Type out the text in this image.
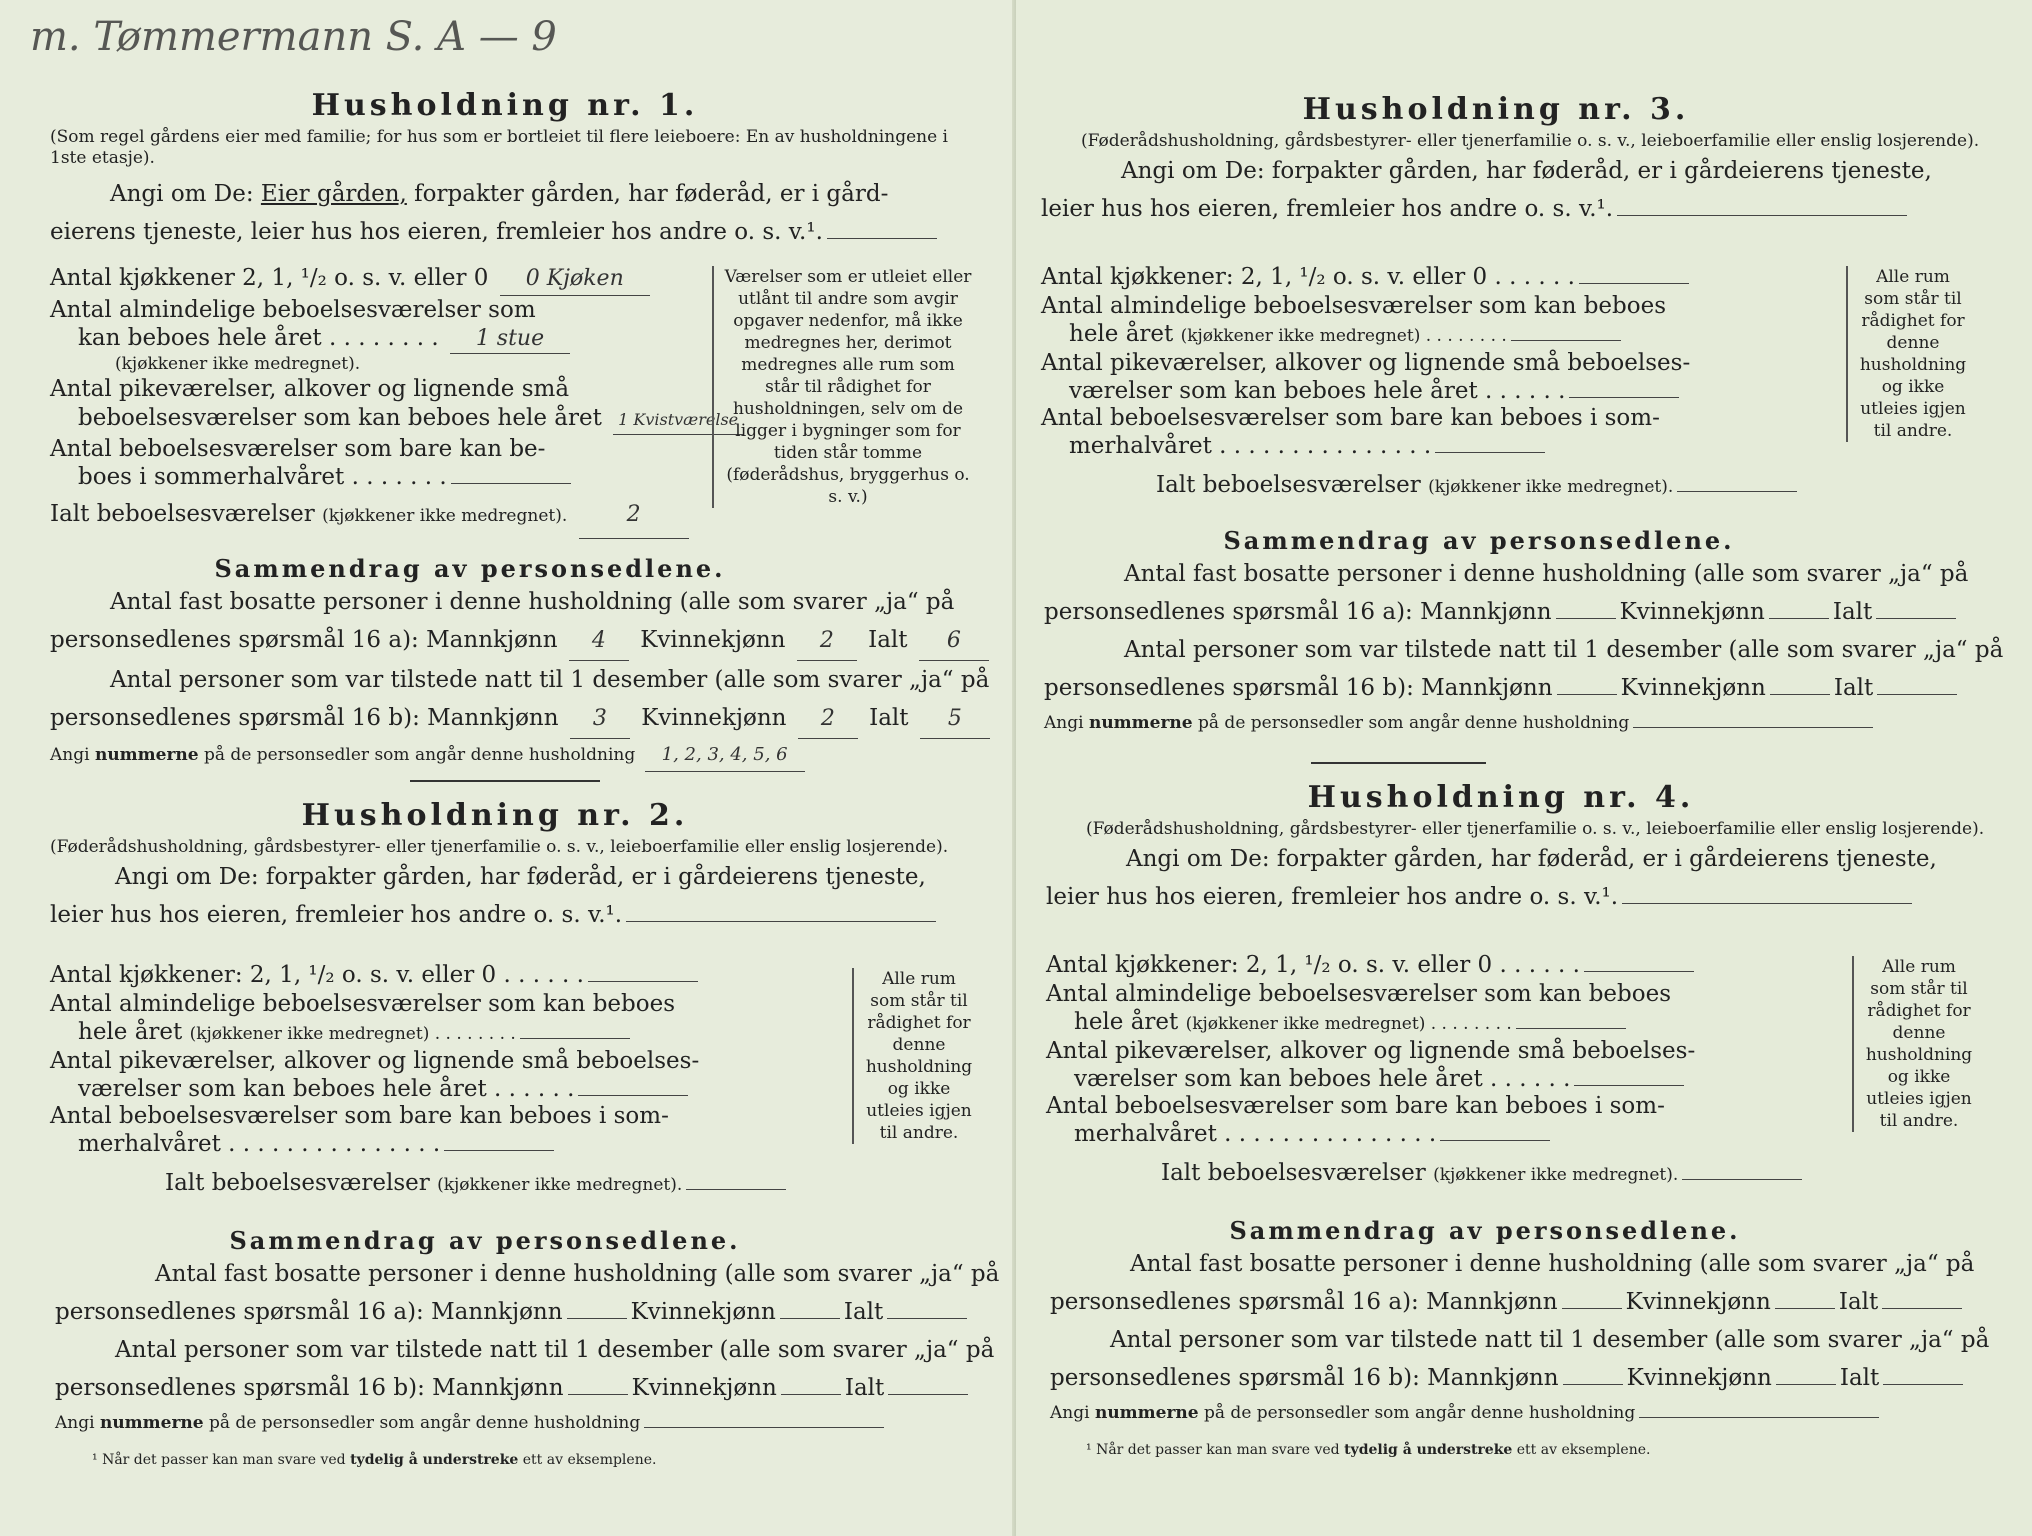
m. Tømmermann S. A — 9
Husholdning nr. 1.

(Som regel gårdens eier med familie; for hus som er bortleiet til flere leieboere: En av husholdningene i 1ste etasje).

Angi om De: Eier gården, forpakter gården, har føderåd, er i gård-
eierens tjeneste, leier hus hos eieren, fremleier hos andre o. s. v.¹.
Antal kjøkkener 2, 1, ¹/₂ o. s. v. eller 0 0 Kjøken
Antal almindelige beboelsesværelser som
kan beboes hele året . . . . . . . . 1 stue
(kjøkkener ikke medregnet).
Antal pikeværelser, alkover og lignende små
beboelsesværelser som kan beboes hele året 1 Kvistværelse
Antal beboelsesværelser som bare kan be-
boes i sommerhalvåret . . . . . . .
Ialt beboelsesværelser (kjøkkener ikke medregnet).	2
Værelser som er utleiet eller utlånt til andre som avgir opgaver nedenfor, må ikke medregnes her, derimot medregnes alle rum som står til rådighet for husholdningen, selv om de ligger i bygninger som for tiden står tomme (føderådshus, bryggerhus o. s. v.)
Sammendrag av personsedlene.
Antal fast bosatte personer i denne husholdning (alle som svarer „ja“ på
personsedlenes spørsmål 16 a): Mannkjønn 4 Kvinnekjønn 2 Ialt 6
Antal personer som var tilstede natt til 1 desember (alle som svarer „ja“ på
personsedlenes spørsmål 16 b): Mannkjønn 3 Kvinnekjønn 2 Ialt 5
Angi nummerne på de personsedler som angår denne husholdning 1, 2, 3, 4, 5, 6
Husholdning nr. 2.

(Føderådshusholdning, gårdsbestyrer- eller tjenerfamilie o. s. v., leieboerfamilie eller enslig losjerende).

Angi om De: forpakter gården, har føderåd, er i gårdeierens tjeneste,
leier hus hos eieren, fremleier hos andre o. s. v.¹.
Antal kjøkkener: 2, 1, ¹/₂ o. s. v. eller 0 . . . . . .
Antal almindelige beboelsesværelser som kan beboes
hele året (kjøkkener ikke medregnet) . . . . . . . .
Antal pikeværelser, alkover og lignende små beboelses-
værelser som kan beboes hele året . . . . . .
Antal beboelsesværelser som bare kan beboes i som-
merhalvåret . . . . . . . . . . . . . . .
Ialt beboelsesværelser (kjøkkener ikke medregnet).
Alle rum som står til rådighet for denne husholdning og ikke utleies igjen til andre.
Sammendrag av personsedlene.
Antal fast bosatte personer i denne husholdning (alle som svarer „ja“ på
personsedlenes spørsmål 16 a): Mannkjønn	Kvinnekjønn	Ialt
Antal personer som var tilstede natt til 1 desember (alle som svarer „ja“ på
personsedlenes spørsmål 16 b): Mannkjønn	Kvinnekjønn	Ialt
Angi nummerne på de personsedler som angår denne husholdning
¹ Når det passer kan man svare ved tydelig å understreke ett av eksemplene.
Husholdning nr. 3.

(Føderådshusholdning, gårdsbestyrer- eller tjenerfamilie o. s. v., leieboerfamilie eller enslig losjerende).

Angi om De: forpakter gården, har føderåd, er i gårdeierens tjeneste,
leier hus hos eieren, fremleier hos andre o. s. v.¹.
Antal kjøkkener: 2, 1, ¹/₂ o. s. v. eller 0 . . . . . .
Antal almindelige beboelsesværelser som kan beboes
hele året (kjøkkener ikke medregnet) . . . . . . . .
Antal pikeværelser, alkover og lignende små beboelses-
værelser som kan beboes hele året . . . . . .
Antal beboelsesværelser som bare kan beboes i som-
merhalvåret . . . . . . . . . . . . . . .
Ialt beboelsesværelser (kjøkkener ikke medregnet).
Alle rum som står til rådighet for denne husholdning og ikke utleies igjen til andre.
Sammendrag av personsedlene.
Antal fast bosatte personer i denne husholdning (alle som svarer „ja“ på
personsedlenes spørsmål 16 a): Mannkjønn	Kvinnekjønn	Ialt
Antal personer som var tilstede natt til 1 desember (alle som svarer „ja“ på
personsedlenes spørsmål 16 b): Mannkjønn	Kvinnekjønn	Ialt
Angi nummerne på de personsedler som angår denne husholdning
Husholdning nr. 4.

(Føderådshusholdning, gårdsbestyrer- eller tjenerfamilie o. s. v., leieboerfamilie eller enslig losjerende).

Angi om De: forpakter gården, har føderåd, er i gårdeierens tjeneste,
leier hus hos eieren, fremleier hos andre o. s. v.¹.
Antal kjøkkener: 2, 1, ¹/₂ o. s. v. eller 0 . . . . . .
Antal almindelige beboelsesværelser som kan beboes
hele året (kjøkkener ikke medregnet) . . . . . . . .
Antal pikeværelser, alkover og lignende små beboelses-
værelser som kan beboes hele året . . . . . .
Antal beboelsesværelser som bare kan beboes i som-
merhalvåret . . . . . . . . . . . . . . .
Ialt beboelsesværelser (kjøkkener ikke medregnet).
Alle rum som står til rådighet for denne husholdning og ikke utleies igjen til andre.
Sammendrag av personsedlene.
Antal fast bosatte personer i denne husholdning (alle som svarer „ja“ på
personsedlenes spørsmål 16 a): Mannkjønn	Kvinnekjønn	Ialt
Antal personer som var tilstede natt til 1 desember (alle som svarer „ja“ på
personsedlenes spørsmål 16 b): Mannkjønn	Kvinnekjønn	Ialt
Angi nummerne på de personsedler som angår denne husholdning
¹ Når det passer kan man svare ved tydelig å understreke ett av eksemplene.
